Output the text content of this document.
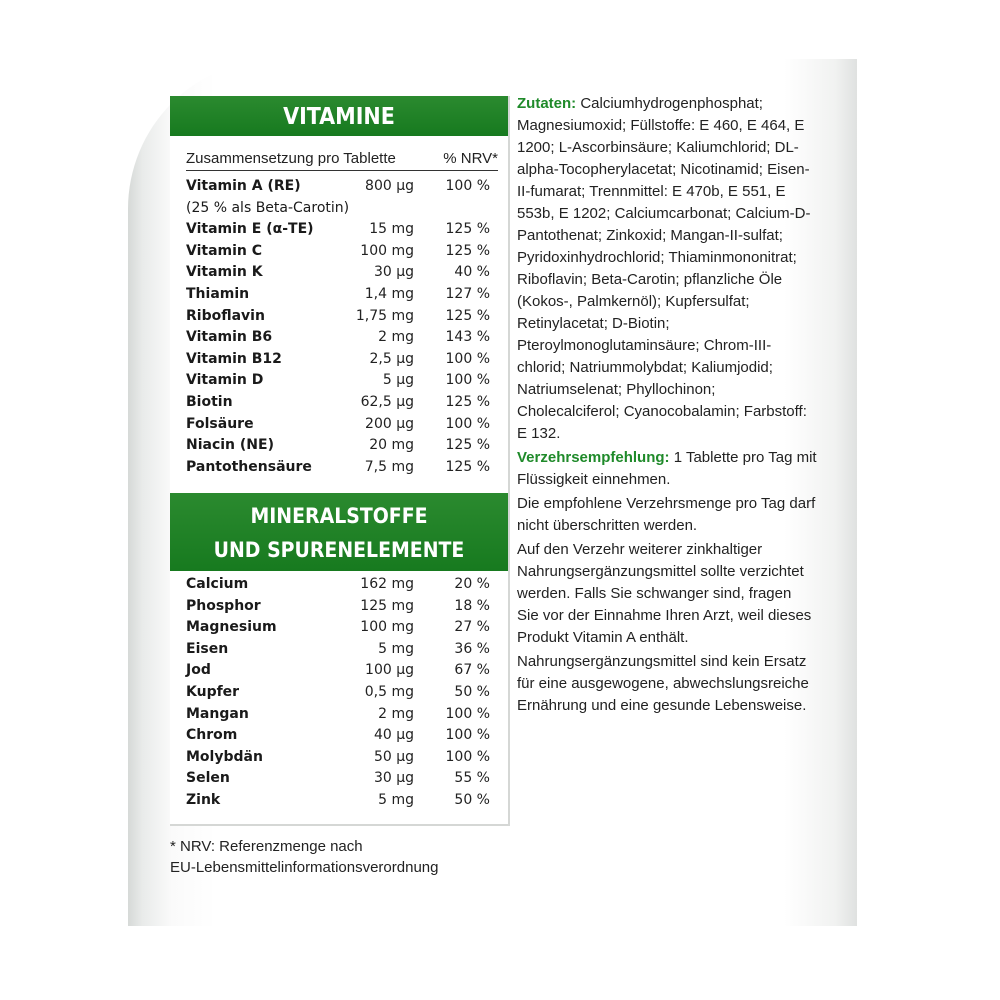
VITAMINE
Zusammensetzung pro Tablette	% NRV*
Vitamin A (RE)	800 µg 100 %
(25 % als Beta-Carotin)
Vitamin E (α-TE)	15 mg 125 %
Vitamin C	100 mg 125 %
Vitamin K	30 µg	40 %
Thiamin	1,4 mg 127 %
Riboflavin	1,75 mg 125 %
Vitamin B6	2 mg 143 %
Vitamin B12	2,5 µg 100 %
Vitamin D	5 µg 100 %
Biotin	62,5 µg 125 %
Folsäure	200 µg 100 %
Niacin (NE)	20 mg 125 %
Pantothensäure	7,5 mg 125 %
MINERALSTOFFE
UND SPURENELEMENTE
Calcium	162 mg	20 %
Phosphor	125 mg	18 %
Magnesium	100 mg	27 %
Eisen	5 mg	36 %
Jod	100 µg	67 %
Kupfer	0,5 mg	50 %
Mangan	2 mg 100 %
Chrom	40 µg 100 %
Molybdän	50 µg 100 %
Selen	30 µg	55 %
Zink	5 mg	50 %
* NRV: Referenzmenge nach
EU-Lebensmittelinformationsverordnung

Zutaten: Calciumhydrogenphosphat; Magnesiumoxid; Füllstoffe: E 460, E 464, E 1200; L-Ascorbinsäure; Kaliumchlorid; DL-alpha-Tocopherylacetat; Nicotinamid; Eisen-II-fumarat; Trennmittel: E 470b, E 551, E 553b, E 1202; Calciumcarbonat; Calcium-D-Pantothenat; Zinkoxid; Mangan-II-sulfat; Pyridoxinhydrochlorid; Thiaminmononitrat; Riboflavin; Beta-Carotin; pflanzliche Öle (Kokos-, Palmkernöl); Kupfersulfat; Retinylacetat; D-Biotin; Pteroylmonoglutaminsäure; Chrom-III-chlorid; Natriummolybdat; Kaliumjodid; Natriumselenat; Phyllochinon; Cholecalciferol; Cyanocobalamin; Farbstoff: E 132.

Verzehrsempfehlung: 1 Tablette pro Tag mit Flüssigkeit einnehmen.

Die empfohlene Verzehrsmenge pro Tag darf nicht überschritten werden.

Auf den Verzehr weiterer zinkhaltiger Nahrungsergänzungsmittel sollte verzichtet werden. Falls Sie schwanger sind, fragen Sie vor der Einnahme Ihren Arzt, weil dieses Produkt Vitamin A enthält.

Nahrungsergänzungsmittel sind kein Ersatz für eine ausgewogene, abwechslungsreiche Ernährung und eine gesunde Lebensweise.
